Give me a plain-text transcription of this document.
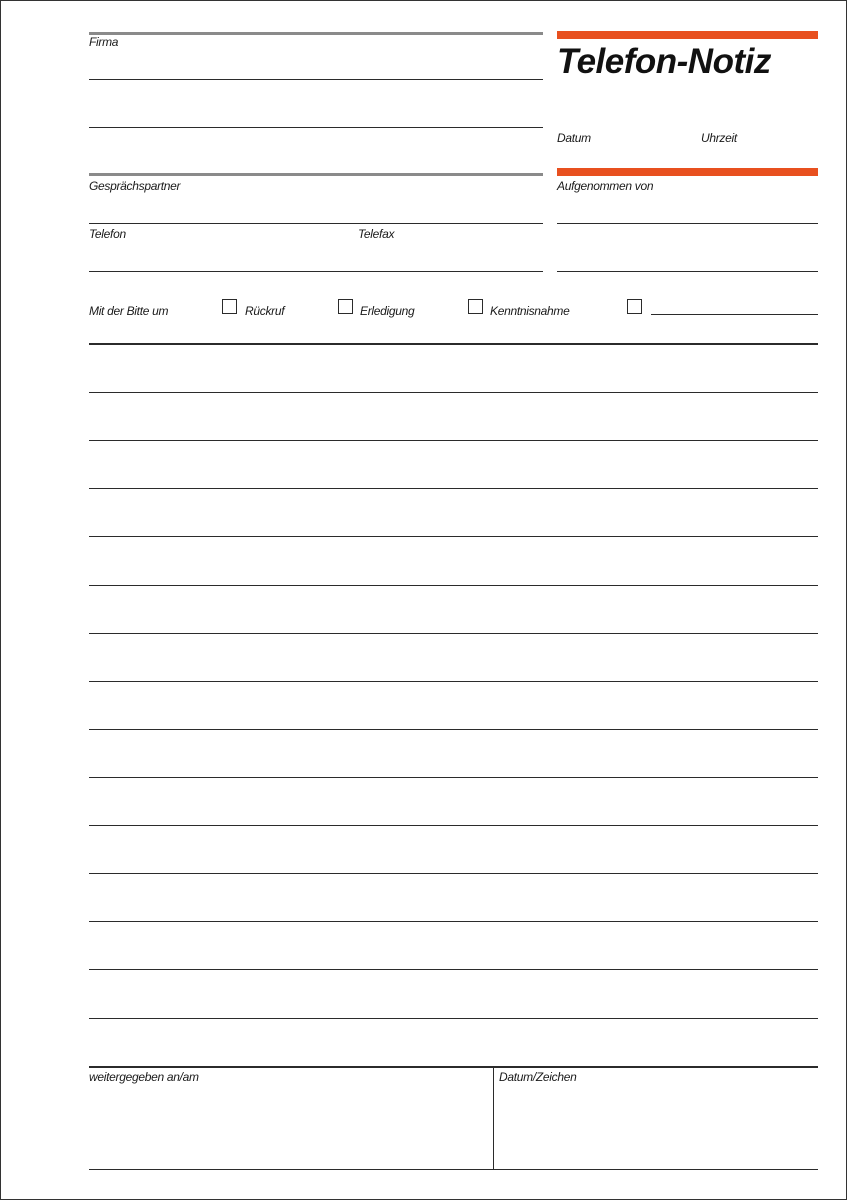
Firma
Gesprächspartner
Telefon	Telefax
Telefon-Notiz
Datum	Uhrzeit
Aufgenommen von
Mit der Bitte um	Rückruf	Erledigung	Kenntnisnahme
weitergegeben an/am	Datum/Zeichen
